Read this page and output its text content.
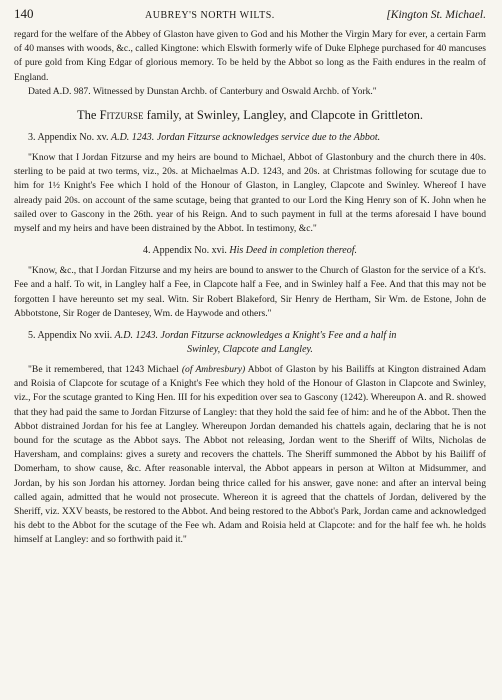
140	AUBREY'S NORTH WILTS.	[Kington St. Michael.

regard for the welfare of the Abbey of Glaston have given to God and his Mother the Virgin Mary for ever, a certain Farm of 40 manses with woods, &c., called Kingtone: which Elswith formerly wife of Duke Elphege purchased for 40 mancuses of pure gold from King Edgar of glorious memory. To be held by the Abbot so long as the Faith endures in the realm of England.

Dated A.D. 987. Witnessed by Dunstan Archb. of Canterbury and Oswald Archb. of York."

The Fitzurse family, at Swinley, Langley, and Clapcote in Grittleton.
3. Appendix No. xv. A.D. 1243. Jordan Fitzurse acknowledges service due to the Abbot.

"Know that I Jordan Fitzurse and my heirs are bound to Michael, Abbot of Glastonbury and the church there in 40s. sterling to be paid at two terms, viz., 20s. at Michaelmas A.D. 1243, and 20s. at Christmas following for scutage due to him for 1½ Knight's Fee which I hold of the Honour of Glaston, in Langley, Clapcote and Swinley. Whereof I have already paid 20s. on account of the same scutage, being that granted to our Lord the King Henry son of K. John when he sailed over to Gascony in the 26th. year of his Reign. And to such payment in full at the terms aforesaid I have bound myself and my heirs and have been distrained by the Abbot. In testimony, &c."

4. Appendix No. xvi. His Deed in completion thereof.

"Know, &c., that I Jordan Fitzurse and my heirs are bound to answer to the Church of Glaston for the service of a Kt's. Fee and a half. To wit, in Langley half a Fee, in Clapcote half a Fee, and in Swinley half a Fee. And that this may not be forgotten I have hereunto set my seal. Witn. Sir Robert Blakeford, Sir Henry de Hertham, Sir Wm. de Estone, John de Abbotstone, Sir Roger de Dantesey, Wm. de Haywode and others."

5. Appendix No xvii. A.D. 1243. Jordan Fitzurse acknowledges a Knight's Fee and a half in
Swinley, Clapcote and Langley.

"Be it remembered, that 1243 Michael (of Ambresbury) Abbot of Glaston by his Bailiffs at Kington distrained Adam and Roisia of Clapcote for scutage of a Knight's Fee which they hold of the Honour of Glaston in Clapcote and Swinley, viz., For the scutage granted to King Hen. III for his expedition over sea to Gascony (1242). Whereupon A. and R. showed that they had paid the same to Jordan Fitzurse of Langley: that they hold the said fee of him: and he of the Abbot. Then the Abbot distrained Jordan for his fee at Langley. Whereupon Jordan demanded his chattels again, declaring that he is not bound for the scutage as the Abbot says. The Abbot not releasing, Jordan went to the Sheriff of Wilts, Nicholas de Haversham, and complains: gives a surety and recovers the chattels. The Sheriff summoned the Abbot by his Bailiff of Domerham, to show cause, &c. After reasonable interval, the Abbot appears in person at Wilton at Midsummer, and Jordan, by his son Jordan his attorney. Jordan being thrice called for his answer, gave none: and after an interval being called again, admitted that he would not prosecute. Whereon it is agreed that the chattels of Jordan, delivered by the Sheriff, viz. XXV beasts, be restored to the Abbot. And being restored to the Abbot's Park, Jordan came and acknowledged his debt to the Abbot for the scutage of the Fee wh. Adam and Roisia held at Clapcote: and for the half fee wh. he holds himself at Langley: and so forthwith paid it."
